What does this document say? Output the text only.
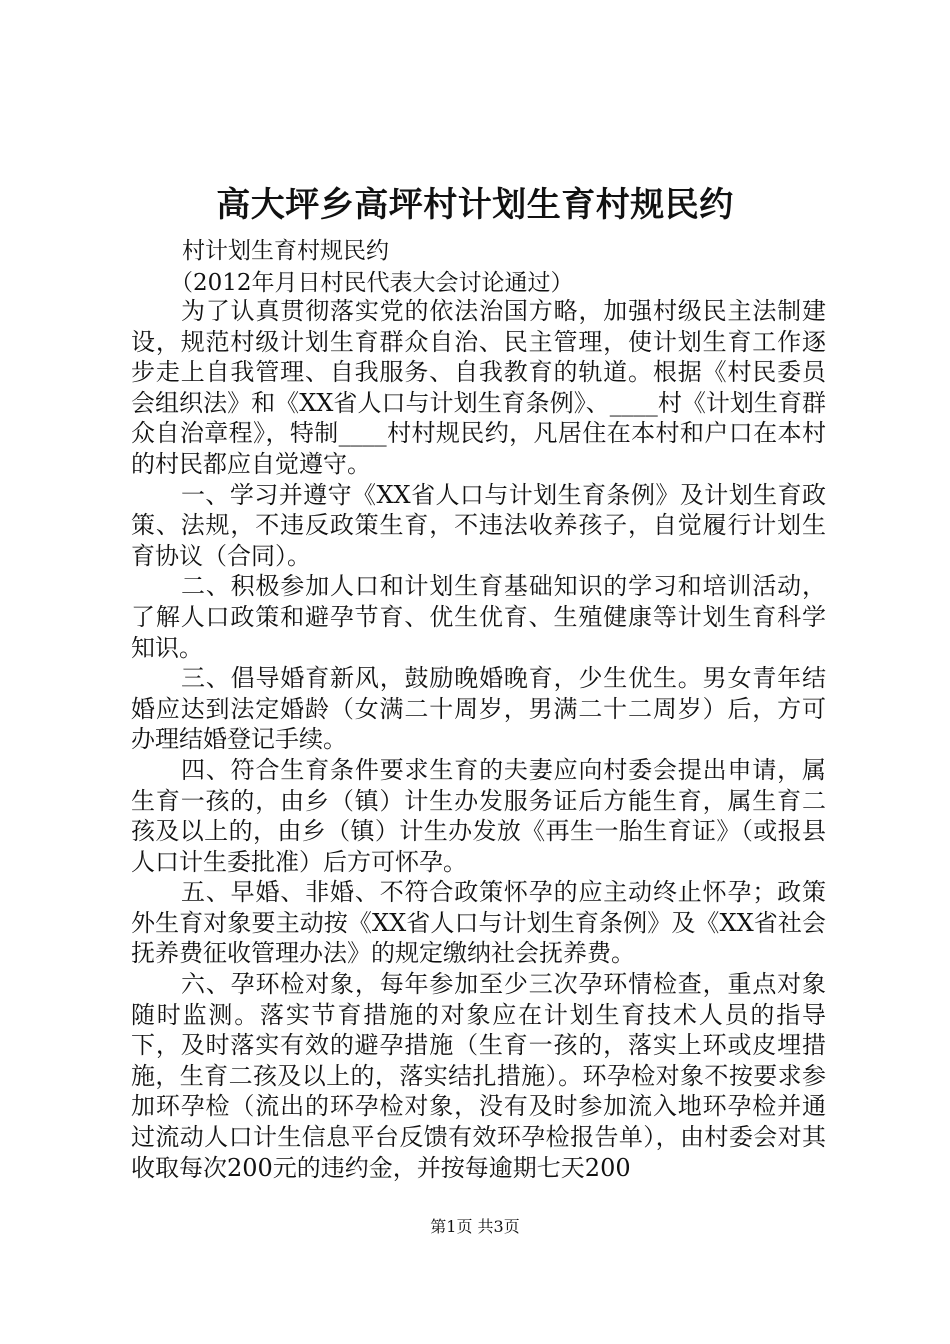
高大坪乡高坪村计划生育村规民约

村计划生育村规民约

（2012年月日村民代表大会讨论通过）

为了认真贯彻落实党的依法治国方略，加强村级民主法制建设，规范村级计划生育群众自治、民主管理，使计划生育工作逐步走上自我管理、自我服务、自我教育的轨道。根据《村民委员会组织法》和《XX省人口与计划生育条例》、____村《计划生育群众自治章程》，特制____村村规民约，凡居住在本村和户口在本村的村民都应自觉遵守。

一、学习并遵守《XX省人口与计划生育条例》及计划生育政策、法规，不违反政策生育，不违法收养孩子，自觉履行计划生育协议（合同）。

二、积极参加人口和计划生育基础知识的学习和培训活动，了解人口政策和避孕节育、优生优育、生殖健康等计划生育科学知识。

三、倡导婚育新风，鼓励晚婚晚育，少生优生。男女青年结婚应达到法定婚龄（女满二十周岁，男满二十二周岁）后，方可办理结婚登记手续。

四、符合生育条件要求生育的夫妻应向村委会提出申请，属生育一孩的，由乡（镇）计生办发服务证后方能生育，属生育二孩及以上的，由乡（镇）计生办发放《再生一胎生育证》（或报县人口计生委批准）后方可怀孕。

五、早婚、非婚、不符合政策怀孕的应主动终止怀孕；政策外生育对象要主动按《XX省人口与计划生育条例》及《XX省社会抚养费征收管理办法》的规定缴纳社会抚养费。

六、孕环检对象，每年参加至少三次孕环情检查，重点对象随时监测。落实节育措施的对象应在计划生育技术人员的指导下，及时落实有效的避孕措施（生育一孩的，落实上环或皮埋措施，生育二孩及以上的，落实结扎措施）。环孕检对象不按要求参加环孕检（流出的环孕检对象，没有及时参加流入地环孕检并通过流动人口计生信息平台反馈有效环孕检报告单），由村委会对其收取每次200元的违约金，并按每逾期七天200

第1页 共3页
